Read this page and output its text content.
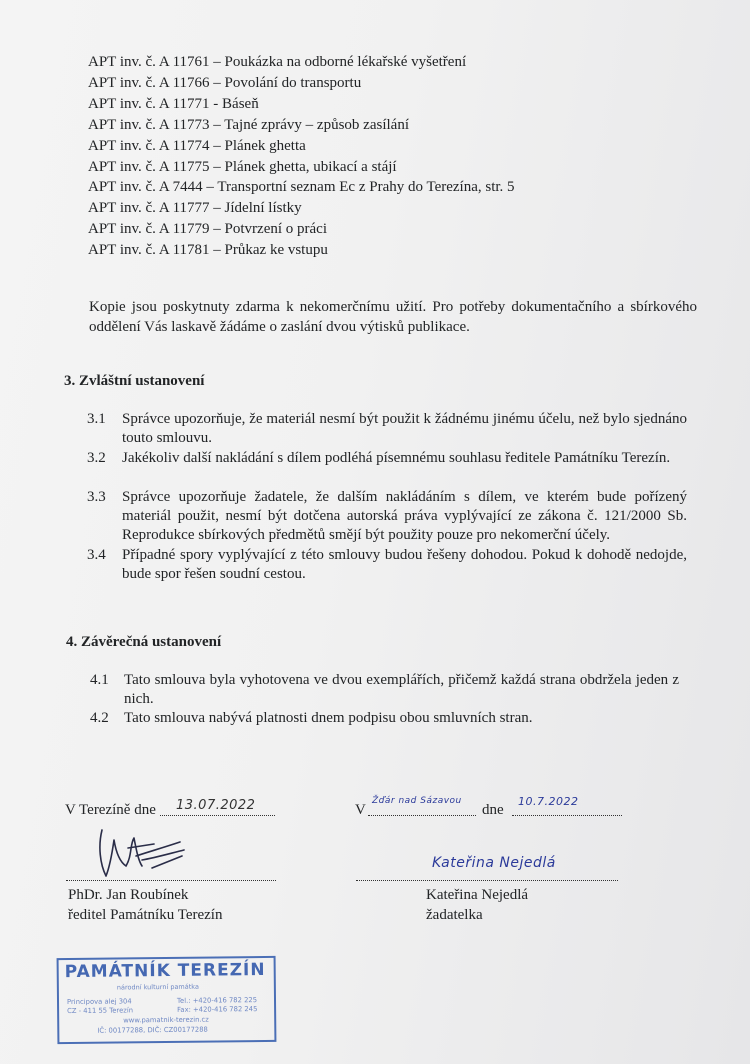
APT inv. č. A 11761 – Poukázka na odborné lékařské vyšetření
APT inv. č. A 11766 – Povolání do transportu
APT inv. č. A 11771 - Báseň
APT inv. č. A 11773 – Tajné zprávy – způsob zasílání
APT inv. č. A 11774 – Plánek ghetta
APT inv. č. A 11775 – Plánek ghetta, ubikací a stájí
APT inv. č. A 7444 – Transportní seznam Ec z Prahy do Terezína, str. 5
APT inv. č. A 11777 – Jídelní lístky
APT inv. č. A 11779 – Potvrzení o práci
APT inv. č. A 11781 – Průkaz ke vstupu
Kopie jsou poskytnuty zdarma k nekomerčnímu užití. Pro potřeby dokumentačního a sbírkového oddělení Vás laskavě žádáme o zaslání dvou výtisků publikace.
3. Zvláštní ustanovení
3.1 Správce upozorňuje, že materiál nesmí být použit k žádnému jinému účelu, než bylo sjednáno touto smlouvu.
3.2 Jakékoliv další nakládání s dílem podléhá písemnému souhlasu ředitele Památníku Terezín.
3.3 Správce upozorňuje žadatele, že dalším nakládáním s dílem, ve kterém bude pořízený materiál použit, nesmí být dotčena autorská práva vyplývající ze zákona č. 121/2000 Sb. Reprodukce sbírkových předmětů smějí být použity pouze pro nekomerční účely.
3.4 Případné spory vyplývající z této smlouvy budou řešeny dohodou. Pokud k dohodě nedojde, bude spor řešen soudní cestou.
4. Závěrečná ustanovení
4.1 Tato smlouva byla vyhotovena ve dvou exemplářích, přičemž každá strana obdržela jeden z nich.
4.2 Tato smlouva nabývá platnosti dnem podpisu obou smluvních stran.
V Terezíně dne 13.07.2022	V
Žďár nad Sázavou
dne
10.7.2022
PhDr. Jan Roubínek
ředitel Památníku Terezín
Kateřina Nejedlá
Kateřina Nejedlá
žadatelka
PAMÁTNÍK TEREZÍN
národní kulturní památka
Principova alej 304
CZ - 411 55 Terezín
Tel.: +420-416 782 225
Fax: +420-416 782 245
www.pamatnik-terezin.cz
IČ: 00177288, DIČ: CZ00177288
